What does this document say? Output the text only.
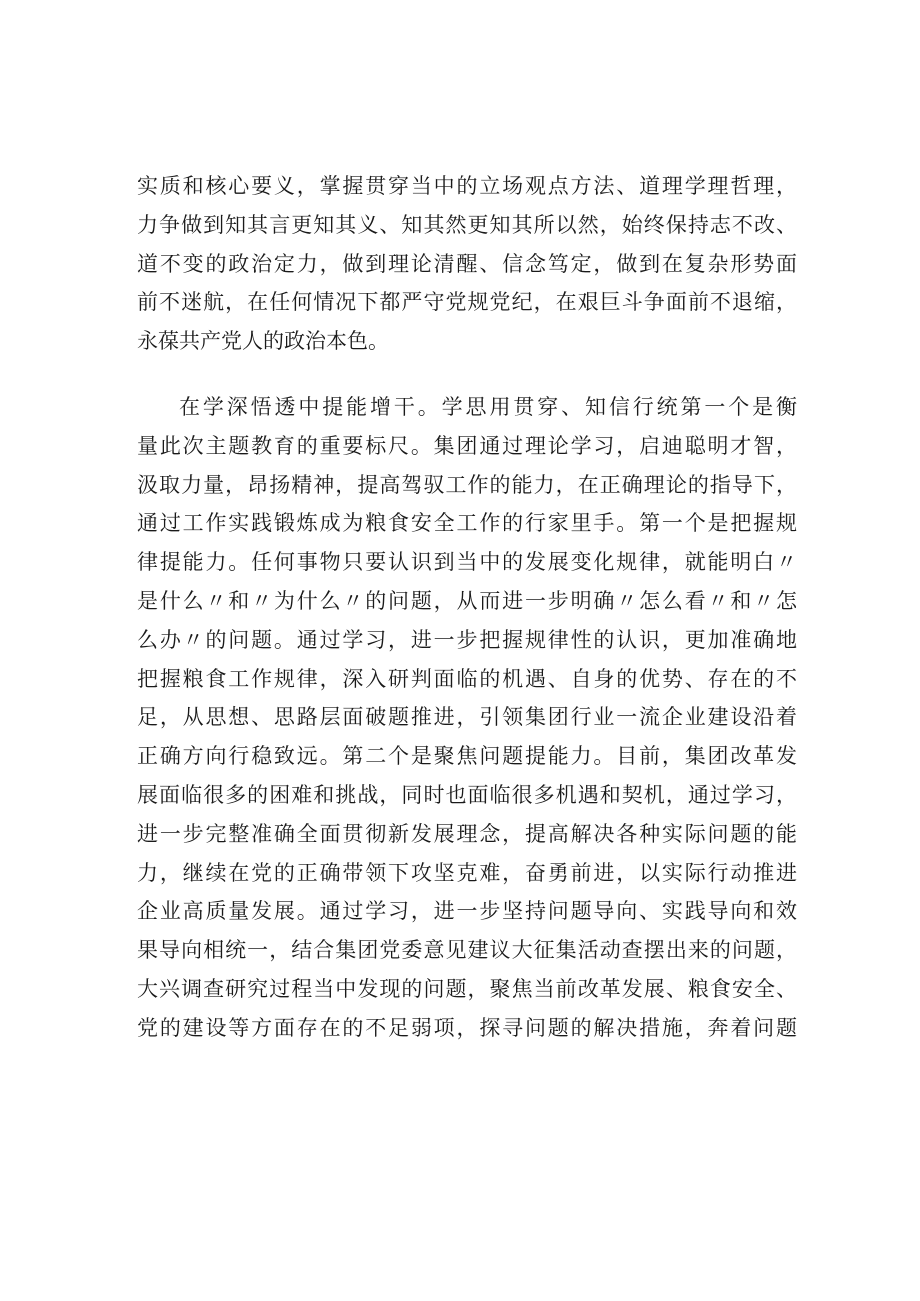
实质和核心要义，掌握贯穿当中的立场观点方法、道理学理哲理，
力争做到知其言更知其义、知其然更知其所以然，始终保持志不改、
道不变的政治定力，做到理论清醒、信念笃定，做到在复杂形势面
前不迷航，在任何情况下都严守党规党纪，在艰巨斗争面前不退缩，
永葆共产党人的政治本色。
在学深悟透中提能增干。学思用贯穿、知信行统第一个是衡
量此次主题教育的重要标尺。集团通过理论学习，启迪聪明才智，
汲取力量，昂扬精神，提高驾驭工作的能力，在正确理论的指导下，
通过工作实践锻炼成为粮食安全工作的行家里手。第一个是把握规
律提能力。任何事物只要认识到当中的发展变化规律，就能明白〃
是什么〃和〃为什么〃的问题，从而进一步明确〃怎么看〃和〃怎
么办〃的问题。通过学习，进一步把握规律性的认识，更加准确地
把握粮食工作规律，深入研判面临的机遇、自身的优势、存在的不
足，从思想、思路层面破题推进，引领集团行业一流企业建设沿着
正确方向行稳致远。第二个是聚焦问题提能力。目前，集团改革发
展面临很多的困难和挑战，同时也面临很多机遇和契机，通过学习，
进一步完整准确全面贯彻新发展理念，提高解决各种实际问题的能
力，继续在党的正确带领下攻坚克难，奋勇前进，以实际行动推进
企业高质量发展。通过学习，进一步坚持问题导向、实践导向和效
果导向相统一，结合集团党委意见建议大征集活动查摆出来的问题，
大兴调查研究过程当中发现的问题，聚焦当前改革发展、粮食安全、
党的建设等方面存在的不足弱项，探寻问题的解决措施，奔着问题
